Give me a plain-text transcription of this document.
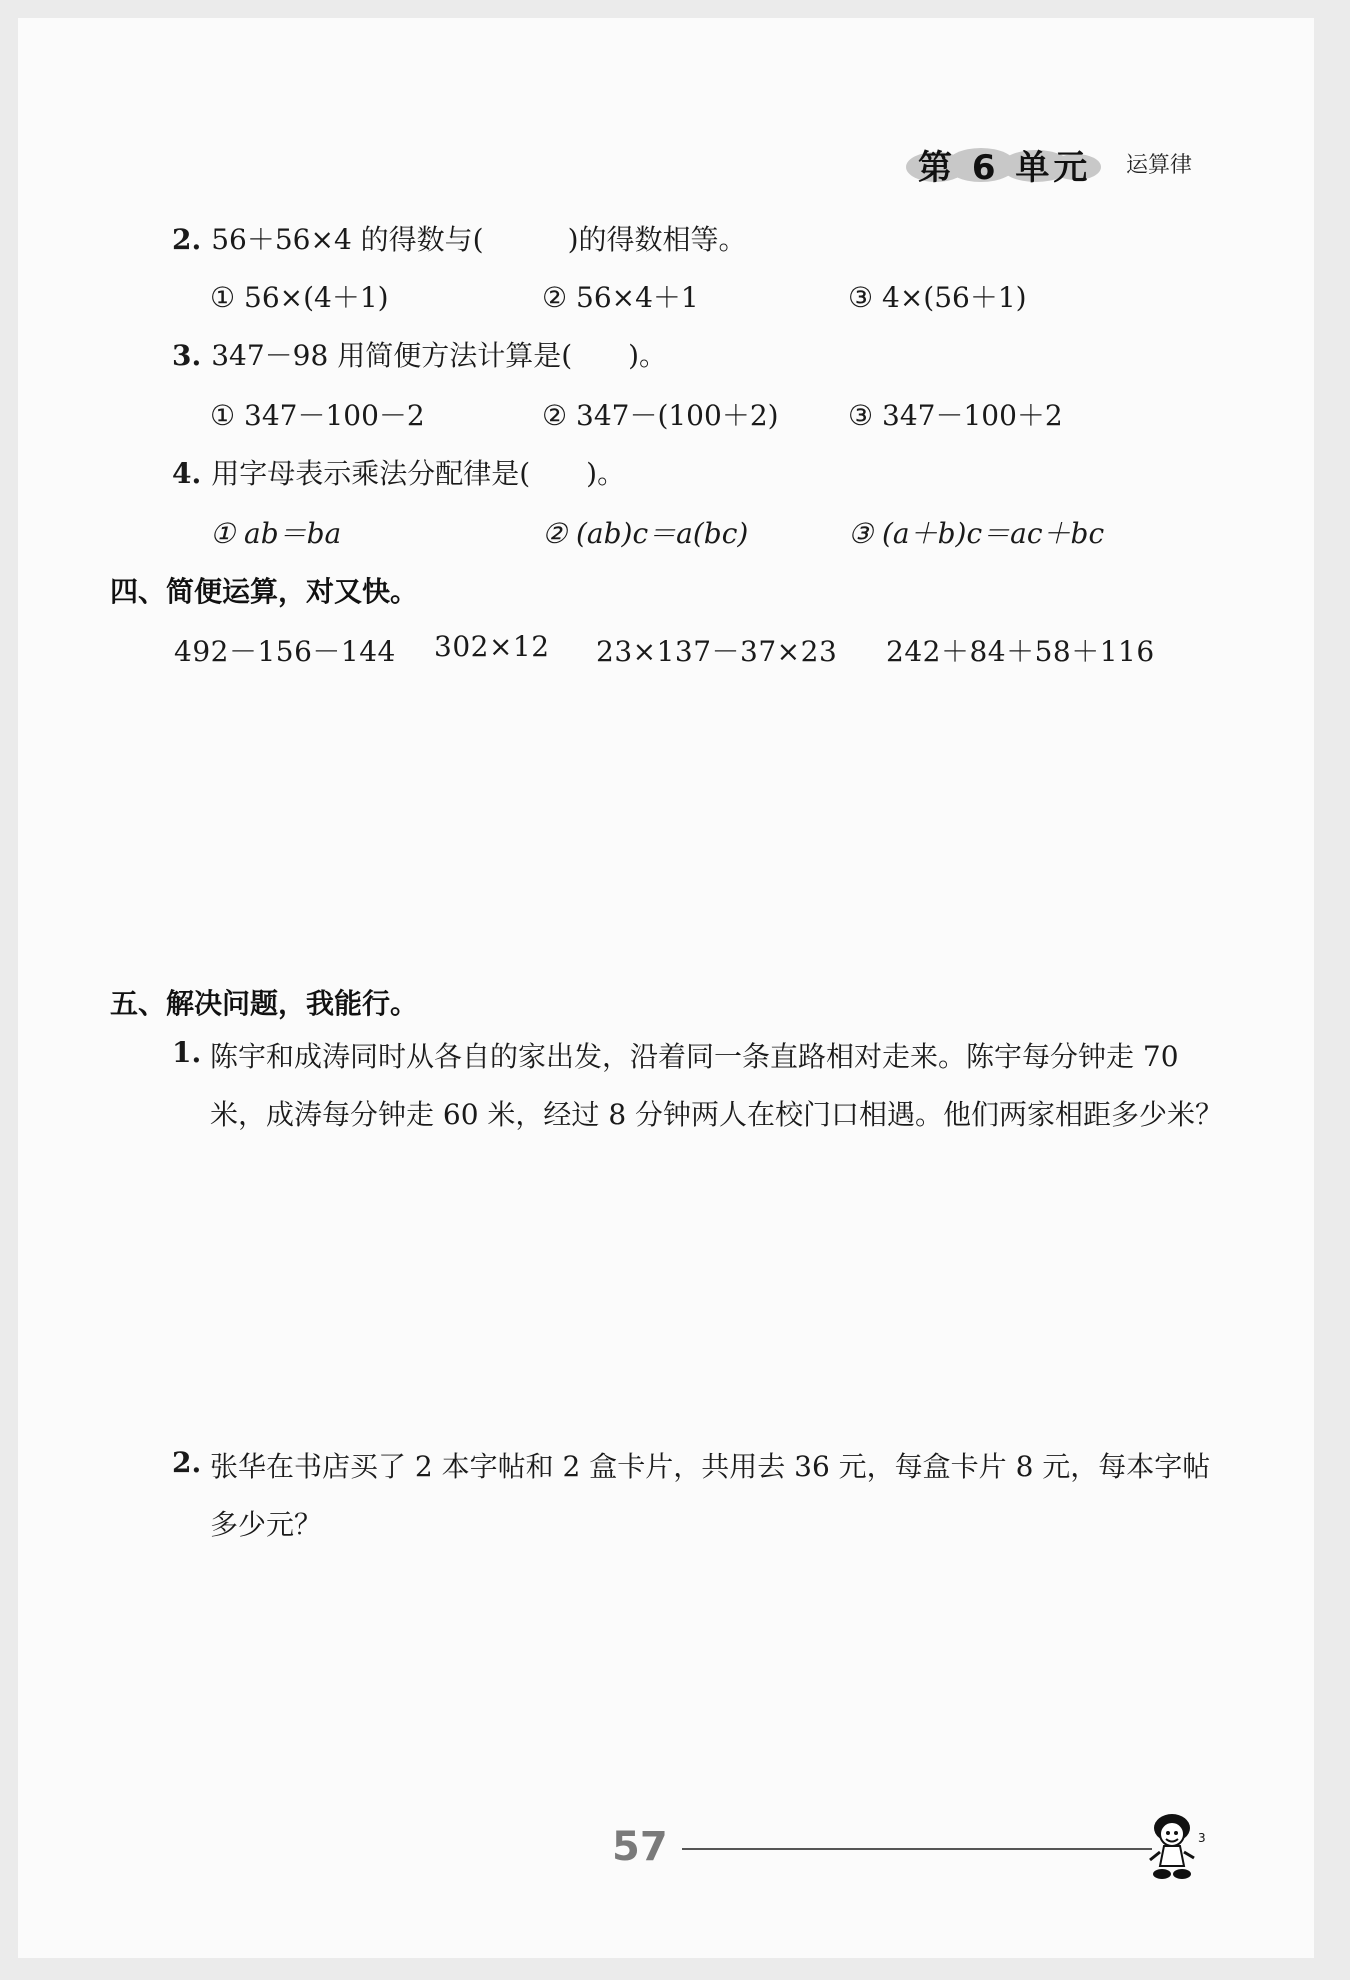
第 6 单元 运算律
2. 56＋56×4 的得数与(　　　)的得数相等。
① 56×(4＋1)	② 56×4＋1	③ 4×(56＋1)
3. 347－98 用简便方法计算是(　　)。
① 347－100－2	② 347－(100＋2) ③ 347－100＋2
4. 用字母表示乘法分配律是(　　)。
① ab＝ba	② (ab)c＝a(bc)	③ (a＋b)c＝ac＋bc
四、简便运算，对又快。
492－156－144 302×12 23×137－37×23 242＋84＋58＋116
五、解决问题，我能行。
1. 陈宇和成涛同时从各自的家出发，沿着同一条直路相对走来。陈宇每分钟走 70 米，成涛每分钟走 60 米，经过 8 分钟两人在校门口相遇。他们两家相距多少米？
2. 张华在书店买了 2 本字帖和 2 盒卡片，共用去 36 元，每盒卡片 8 元，每本字帖多少元？
57	3
